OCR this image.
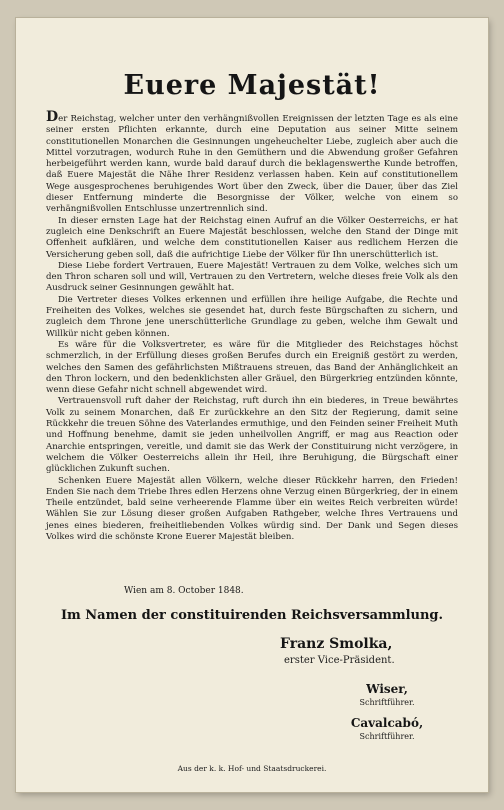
Euere Majestät!

Der Reichstag, welcher unter den verhängnißvollen Ereignissen der letzten Tage es als eine seiner ersten Pflichten erkannte, durch eine Deputation aus seiner Mitte seinem constitutionellen Monarchen die Gesinnungen ungeheuchelter Liebe, zugleich aber auch die Mittel vorzutragen, wodurch Ruhe in den Gemüthern und die Abwendung großer Gefahren herbeigeführt werden kann, wurde bald darauf durch die beklagenswerthe Kunde betroffen, daß Euere Majestät die Nähe Ihrer Residenz verlassen haben. Kein auf constitutionellem Wege ausgesprochenes beruhigendes Wort über den Zweck, über die Dauer, über das Ziel dieser Entfernung minderte die Besorgnisse der Völker, welche von einem so verhängnißvollen Entschlusse unzertrennlich sind.

In dieser ernsten Lage hat der Reichstag einen Aufruf an die Völker Oesterreichs, er hat zugleich eine Denkschrift an Euere Majestät beschlossen, welche den Stand der Dinge mit Offenheit aufklären, und welche dem constitutionellen Kaiser aus redlichem Herzen die Versicherung geben soll, daß die aufrichtige Liebe der Völker für Ihn unerschütterlich ist.

Diese Liebe fordert Vertrauen, Euere Majestät! Vertrauen zu dem Volke, welches sich um den Thron scharen soll und will, Vertrauen zu den Vertretern, welche dieses freie Volk als den Ausdruck seiner Gesinnungen gewählt hat.

Die Vertreter dieses Volkes erkennen und erfüllen ihre heilige Aufgabe, die Rechte und Freiheiten des Volkes, welches sie gesendet hat, durch feste Bürgschaften zu sichern, und zugleich dem Throne jene unerschütterliche Grundlage zu geben, welche ihm Gewalt und Willkür nicht geben können.

Es wäre für die Volksvertreter, es wäre für die Mitglieder des Reichstages höchst schmerzlich, in der Erfüllung dieses großen Berufes durch ein Ereigniß gestört zu werden, welches den Samen des gefährlichsten Mißtrauens streuen, das Band der Anhänglichkeit an den Thron lockern, und den bedenklichsten aller Gräuel, den Bürgerkrieg entzünden könnte, wenn diese Gefahr nicht schnell abgewendet wird.

Vertrauensvoll ruft daher der Reichstag, ruft durch ihn ein biederes, in Treue bewährtes Volk zu seinem Monarchen, daß Er zurückkehre an den Sitz der Regierung, damit seine Rückkehr die treuen Söhne des Vaterlandes ermuthige, und den Feinden seiner Freiheit Muth und Hoffnung benehme, damit sie jeden unheilvollen Angriff, er mag aus Reaction oder Anarchie entspringen, vereitle, und damit sie das Werk der Constituirung nicht verzögere, in welchem die Völker Oesterreichs allein ihr Heil, ihre Beruhigung, die Bürgschaft einer glücklichen Zukunft suchen.

Schenken Euere Majestät allen Völkern, welche dieser Rückkehr harren, den Frieden! Enden Sie nach dem Triebe Ihres edlen Herzens ohne Verzug einen Bürgerkrieg, der in einem Theile entzündet, bald seine verheerende Flamme über ein weites Reich verbreiten würde! Wählen Sie zur Lösung dieser großen Aufgaben Rathgeber, welche Ihres Vertrauens und jenes eines biederen, freiheitliebenden Volkes würdig sind. Der Dank und Segen dieses Volkes wird die schönste Krone Euerer Majestät bleiben.

Wien am 8. October 1848.
Im Namen der constituirenden Reichsversammlung.
Franz Smolka,
erster Vice-Präsident.
Wiser,
Schriftführer.
Cavalcabó,
Schriftführer.
Aus der k. k. Hof- und Staatsdruckerei.
